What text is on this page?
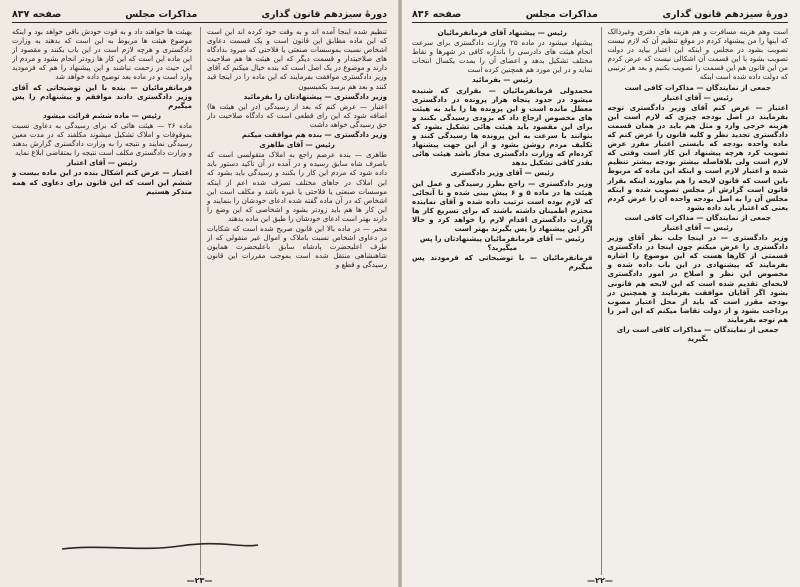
دورهٔ سیزدهم قانون گذاری
مذاکرات مجلس
صفحه ۸۳۷

تنظیم شده اینجا آمده اند و به وقت خود کرده اند این است که این ماده مطابق این قانون است و یک قسمت دعاوی اشخاص نسبت بموسسات صنعتی یا فلاحتی که میرود بدادگاه های صلاحیتدار و قسمت دیگر که این هیئت ها هم صلاحیت دارند و موضوع در یک اصل است که بنده خیال میکنم که آقای وزیر دادگستری موافقت بفرمایند که این ماده را در اینجا قید کنند و بعد هم برسد بکمیسیون

وزیر دادگستری — پیشنهادتان را بفرمائید

اعتبار — عرض کنم که بعد از رسیدگی (در این هیئت ها) اضافه شود که این رای قطعی است که دادگاه صلاحیت دار حق رسیدگی خواهد داشت

وزیر دادگستری — بنده هم موافقت میکنم

رئیس — آقای طاهری

طاهری — بنده عرضم راجع به املاک متقولسی است که باصرف شاه سابق رسیده و در آمده در آن تاکید دستور باید داده شود که مردم این کار را بکنند و رسیدگی باید بشود که این املاک در جاهای مختلف تصرف شده اعم از اینکه موسسات صنعتی یا فلاحتی یا غیره باشد و مکلف است این اشخاص که در آن ماده گفته شده ادعای خودشان را بنمایند و این کار ها هم باید زودتر بشود و اشخاصی که این وضع را دارند بهتر است ادعای خودشان را طبق این ماده بدهند

مخبر — در ماده بالا این قانون صریح شده است که شکایات در دعاوی اشخاص نسبت باملاک و اموال غیر منقولی که از طرف اعلیحضرت پادشاه سابق باعلیحضرت همایون شاهنشاهی منتقل شده است بموجب مقررات این قانون رسیدگی و قطع و

بهیئت ها خواهند داد و به قوت خودش باقی خواهد بود و اینکه موضوع هیئت ها مربوط به این است که بدهند به وزارت دادگستری و هرچه لازم است در این باب بکنند و مقصود از این ماده این است که این کار ها زودتر انجام بشود و مردم از این حیث در زحمت نباشند و این پیشنهاد را هم که فرمودید وارد است و در ماده بعد توضیح داده خواهد شد

فرمانفرمائیان — بنده با این توضیحاتی که آقای وزیر دادگستری دادند موافقم و پیشنهادم را پس میگیرم

رئیس — ماده ششم قرائت میشود

ماده ۲۶ — هیئت هائی که برای رسیدگی به دعاوی نسبت بموقوفات و املاک تشکیل میشوند مکلفند که در مدت معین رسیدگی نمایند و نتیجه را به وزارت دادگستری گزارش بدهند و وزارت دادگستری مکلف است نتیجه را بمتقاضی ابلاغ نماید

رئیس — آقای اعتبار

اعتبار — عرض کنم اشکال بنده در این ماده بیست و ششم این است که این قانون برای دعاوی که همه متذکر هستیم

—۲۳—
دورهٔ سیزدهم قانون گذاری
مذاکرات مجلس
صفحه ۸۳۶

است وهم هزینه مسافرت و هم هزینه های دفتری وغیرذالک که اینها را من پیشنهاد کردم در موقع تنظیم آن که لازم نیست تصویب بشود در مجلس و اینکه این اعتبار بیاید در دولت تصویب بشود با این قسمت آن اشکالی نیست که عرض کردم من این قانون هم این قسمت را تصویب بکنیم و بعد هر ترتیبی که دولت داده شده است اینکه

جمعی از نمایندگان — مذاکرات کافی است
رئیس — آقای اعتبار

اعتبار — عرض کنم آقای وزیر دادگستری توجه بفرمایند در اصل بودجه چیزی که لازم است این هزینه خرجی وارد و مثل هم باید در همان قسمت دادگستری تجدید نظر و کلیه قانون را عرض کنم که ماده واحده بودجه که بایستی اعتبار مقرر عرض تصویب کرد هرچه پیشنهاد این کار است وقتی که لازم است ولی بلافاصله بیشتر بودجه بیشتر تنظیم شده و اعتبار لازم است و اینکه این ماده که مربوط باین است که قانون لایحه را هم بیاورند اینکه بقرار قانون است گزارش از مجلس تصویب شده و اینکه مجلس آن را به اصل بودجه واحده آن را عرض کردم یعنی که اعتبار باید داده بشود

جمعی از نمایندگان — مذاکرات کافی است
رئیس — آقای اعتبار

وزیر دادگستری — در اینجا جلب نظر آقای وزیر دادگستری را عرض میکنم چون اینجا در دادگستری قسمتی از کارها هست که این موضوع را اشاره بفرمایند که پیشنهادی در این باب داده شده و مخصوص این نظر و اصلاح در امور دادگستری لایحه‌ای تقدیم شده است که این لایحه هم قانونی بشود اگر آقایان موافقت بفرمایند و همچنین در بودجه مقرر است که باید از محل اعتبار مصوب پرداخت بشود و از دولت تقاضا میکنم که این امر را هم توجه بفرمایند

جمعی از نمایندگان — مذاکرات کافی است رای بگیرید
رئیس — پیشنهاد آقای فرمانفرمائیان

پیشنهاد میشود در ماده ۲۵ وزارت دادگستری برای سرعت انجام هیئت های دادرسی را بانداره کافی در شهرها و نقاط مختلف تشکیل بدهد و اعضای آن را بمدت یکسال انتخاب نماید و در این مورد هم همچنین کرده است

رئیس — بفرمائید

محمدولی فرمانفرمائیان — بقراری که شنیده میشود در حدود پنجاه هزار پرونده در دادگستری معطل مانده است و این پرونده ها را باید به هیئت های مخصوص ارجاع داد که بزودی رسیدگی بکنند و برای این مقصود باید هیئت هائی تشکیل بشود که بتوانند با سرعت به این پرونده ها رسیدگی کنند و تکلیف مردم روشن بشود و از این جهت پیشنهاد کرده‌ام که وزارت دادگستری مجاز باشد هیئت هائی بقدر کافی تشکیل بدهد

رئیس — آقای وزیر دادگستری

وزیر دادگستری — راجع بطرز رسیدگی و عمل این هیئت ها در ماده ۵ و ۶ پیش بینی شده و تا آنجائی که لازم بوده است ترتیب داده شده و آقای نماینده محترم اطمینان داشته باشند که برای تسریع کار ها وزارت دادگستری اقدام لازم را خواهد کرد و حالا اگر این پیشنهاد را پس بگیرند بهتر است

رئیس — آقای فرمانفرمائیان پیشنهادتان را پس میگیرید؟

فرمانفرمائیان — با توضیحاتی که فرمودند پس میگیرم

—۲۲—
